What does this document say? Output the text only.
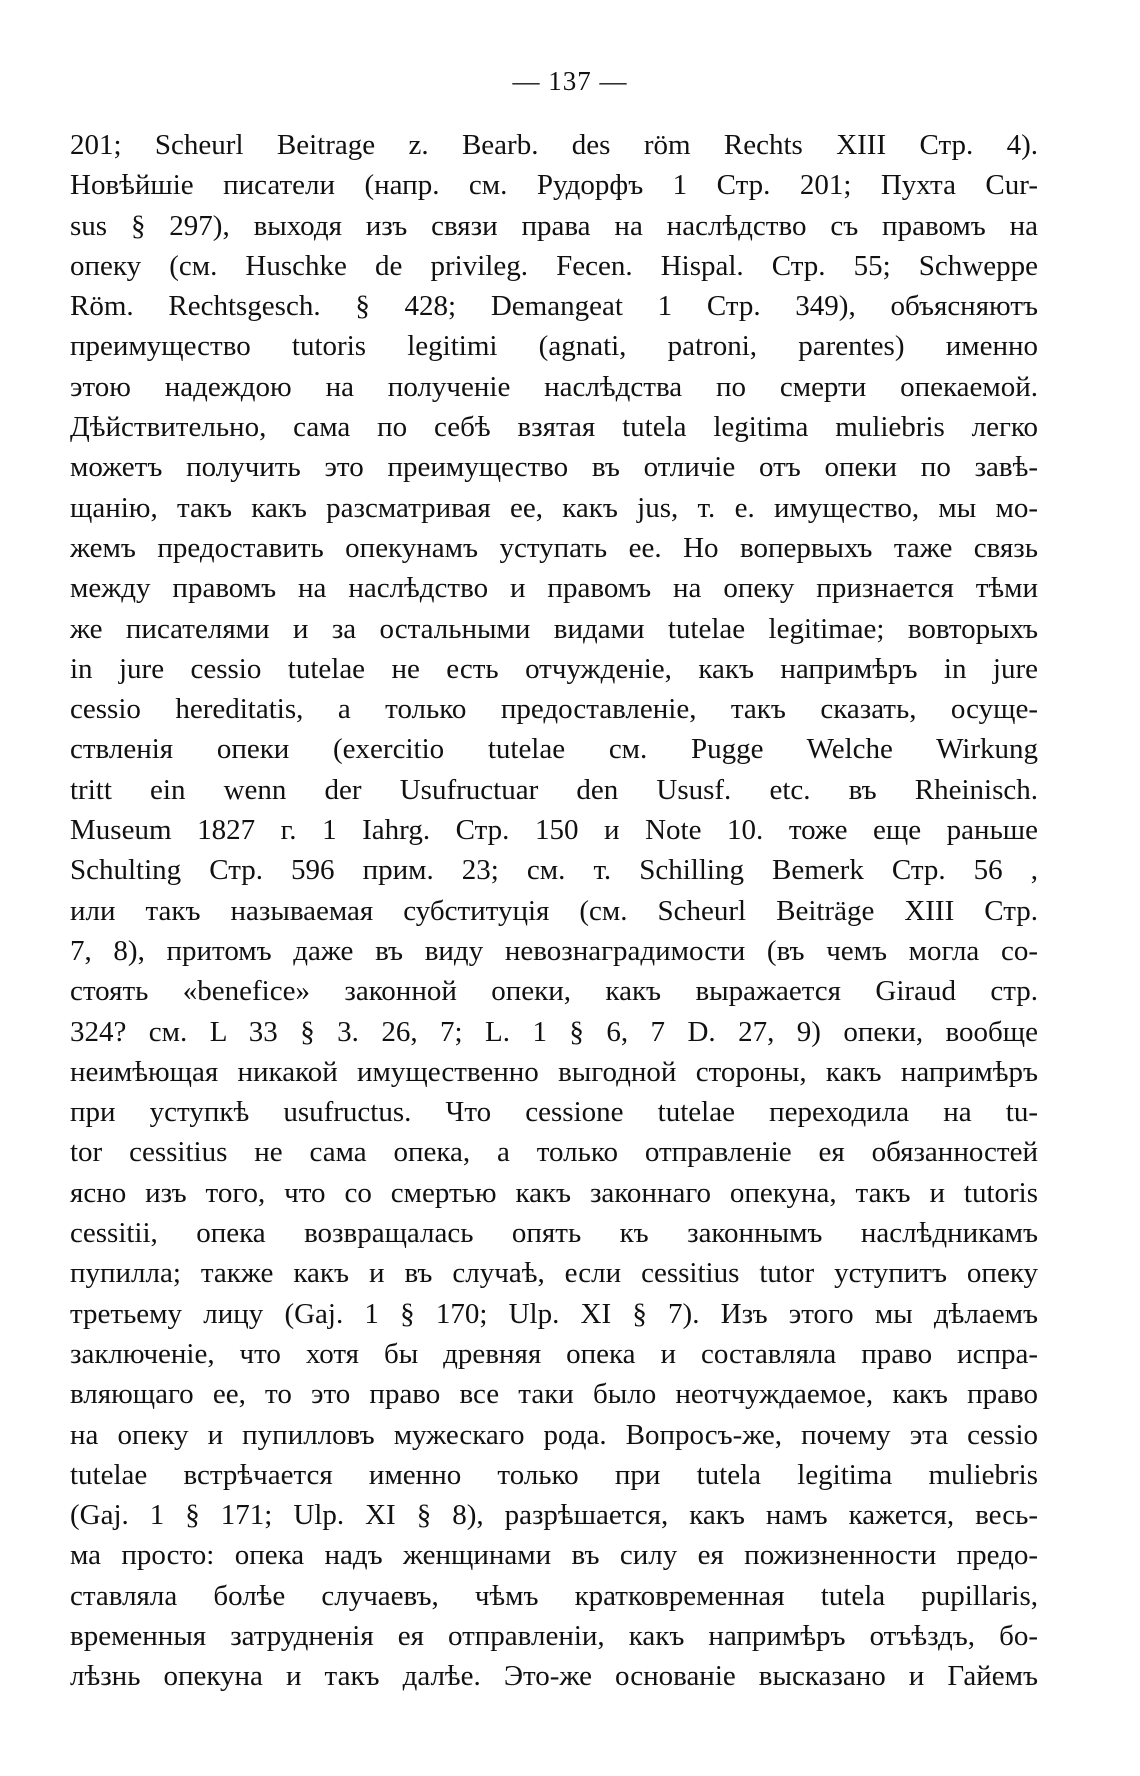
— 137 —
201; Scheurl Beitrage z. Bearb. des röm Rechts XIII Стр. 4).
Новѣйшіе писатели (напр. см. Рудорфъ 1 Стр. 201; Пухта Cur-
sus § 297), выходя изъ связи права на наслѣдство съ правомъ на
опеку (см. Huschke de privileg. Fecen. Hispal. Стр. 55; Schweppe
Röm. Rechtsgesch. § 428; Demangeat 1 Стр. 349), объясняютъ
преимущество tutoris legitimi (agnati, patroni, parentes) именно
этою надеждою на полученіе наслѣдства по смерти опекаемой.
Дѣйствительно, сама по себѣ взятая tutela legitima muliebris легко
можетъ получить это преимущество въ отличіе отъ опеки по завѣ-
щанію, такъ какъ разсматривая ее, какъ jus, т. е. имущество, мы мо-
жемъ предоставить опекунамъ уступать ее. Но вопервыхъ таже связь
между правомъ на наслѣдство и правомъ на опеку признается тѣми
же писателями и за остальными видами tutelae legitimae; вовторыхъ
in jure cessio tutelae не есть отчужденіе, какъ напримѣръ in jure
cessio hereditatis, а только предоставленіе, такъ сказать, осуще-
ствленія опеки (exercitio tutelae см. Pugge Welche Wirkung
tritt ein wenn der Usufructuar den Ususf. etc. въ Rheinisch.
Museum 1827 г. 1 Iahrg. Стр. 150 и Note 10. тоже еще раньше
Schulting Стр. 596 прим. 23; см. т. Schilling Bemerk Стр. 56 ,
или такъ называемая субституція (см. Scheurl Beiträge XIII Стр.
7, 8), притомъ даже въ виду невознаградимости (въ чемъ могла со-
стоять «benefice» законной опеки, какъ выражается Giraud стр.
324? см. L 33 § 3. 26, 7; L. 1 § 6, 7 D. 27, 9) опеки, вообще
неимѣющая никакой имущественно выгодной стороны, какъ напримѣръ
при уступкѣ usufructus. Что cessione tutelae переходила на tu-
tor cessitius не сама опека, а только отправленіе ея обязанностей
ясно изъ того, что со смертью какъ законнаго опекуна, такъ и tutoris
cessitii, опека возвращалась опять къ законнымъ наслѣдникамъ
пупилла; также какъ и въ случаѣ, если cessitius tutor уступитъ опеку
третьему лицу (Gaj. 1 § 170; Ulp. XI § 7). Изъ этого мы дѣлаемъ
заключеніе, что хотя бы древняя опека и составляла право испра-
вляющаго ее, то это право все таки было неотчуждаемое, какъ право
на опеку и пупилловъ мужескаго рода. Вопросъ-же, почему эта cessio
tutelae встрѣчается именно только при tutela legitima muliebris
(Gaj. 1 § 171; Ulp. XI § 8), разрѣшается, какъ намъ кажется, весь-
ма просто: опека надъ женщинами въ силу ея пожизненности предо-
ставляла болѣе случаевъ, чѣмъ кратковременная tutela pupillaris,
временныя затрудненія ея отправленіи, какъ напримѣръ отъѣздъ, бо-
лѣзнь опекуна и такъ далѣе. Это-же основаніе высказано и Гайемъ
